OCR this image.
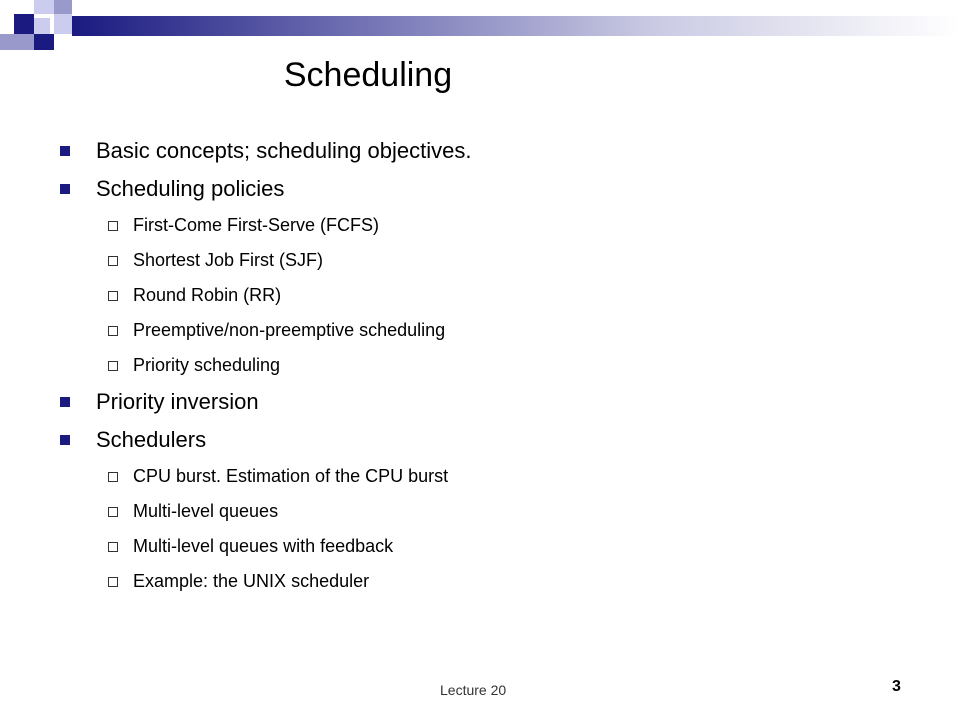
Scheduling
Basic concepts; scheduling objectives.
Scheduling policies
First-Come First-Serve (FCFS)
Shortest Job First (SJF)
Round Robin (RR)
Preemptive/non-preemptive scheduling
Priority scheduling
Priority inversion
Schedulers
CPU burst. Estimation of the CPU burst
Multi-level queues
Multi-level queues with feedback
Example: the UNIX scheduler
Lecture 20	3
